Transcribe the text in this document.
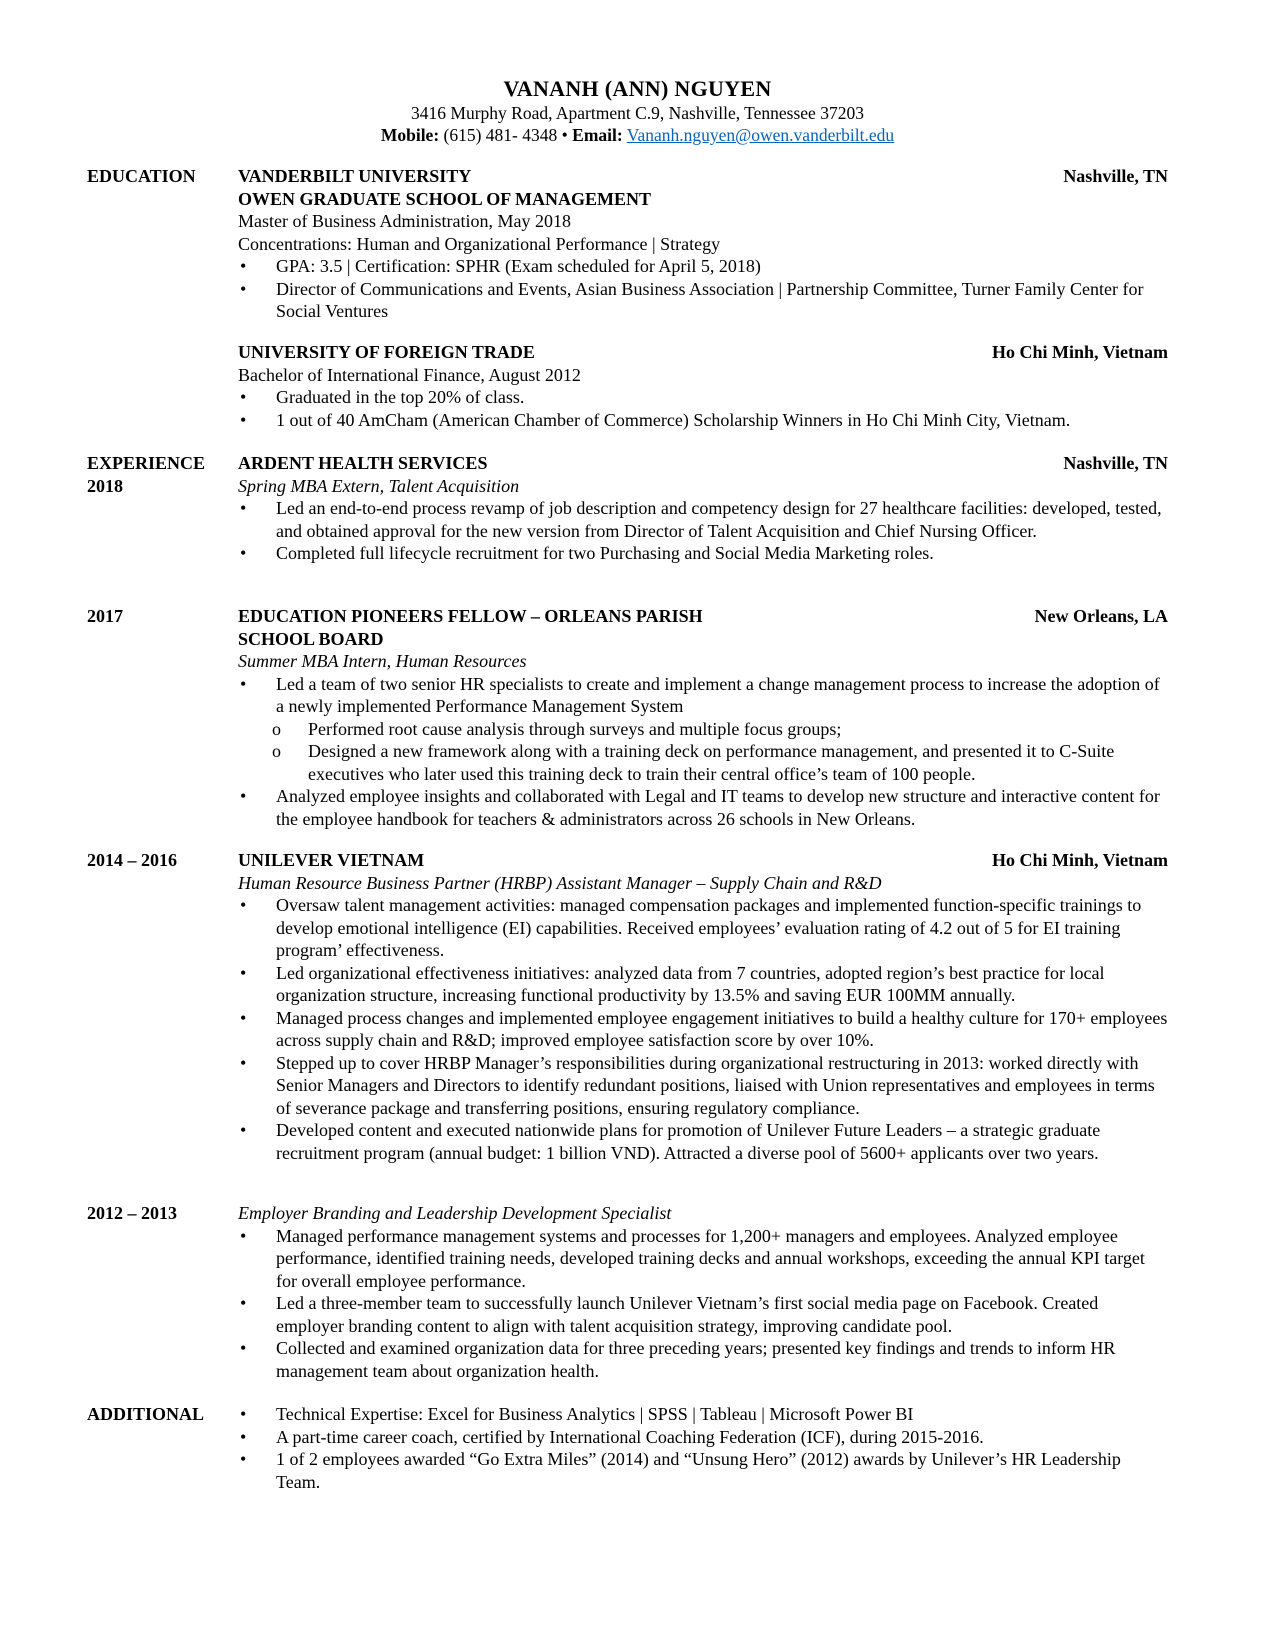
VANANH (ANN) NGUYEN
3416 Murphy Road, Apartment C.9, Nashville, Tennessee 37203
Mobile: (615) 481- 4348 • Email: Vananh.nguyen@owen.vanderbilt.edu
EDUCATION VANDERBILT UNIVERSITY	Nashville, TN
OWEN GRADUATE SCHOOL OF MANAGEMENT
Master of Business Administration, May 2018
Concentrations: Human and Organizational Performance | Strategy
• GPA: 3.5 | Certification: SPHR (Exam scheduled for April 5, 2018)
• Director of Communications and Events, Asian Business Association | Partnership Committee, Turner Family Center for Social Ventures
UNIVERSITY OF FOREIGN TRADE	Ho Chi Minh, Vietnam
Bachelor of International Finance, August 2012
• Graduated in the top 20% of class.
• 1 out of 40 AmCham (American Chamber of Commerce) Scholarship Winners in Ho Chi Minh City, Vietnam.
EXPERIENCE
2018
ARDENT HEALTH SERVICES	Nashville, TN
Spring MBA Extern, Talent Acquisition
• Led an end-to-end process revamp of job description and competency design for 27 healthcare facilities: developed, tested, and obtained approval for the new version from Director of Talent Acquisition and Chief Nursing Officer.
• Completed full lifecycle recruitment for two Purchasing and Social Media Marketing roles.
2017	EDUCATION PIONEERS FELLOW – ORLEANS PARISH	New Orleans, LA
SCHOOL BOARD
Summer MBA Intern, Human Resources
• Led a team of two senior HR specialists to create and implement a change management process to increase the adoption of a newly implemented Performance Management System
o Performed root cause analysis through surveys and multiple focus groups;
o Designed a new framework along with a training deck on performance management, and presented it to C-Suite executives who later used this training deck to train their central office’s team of 100 people.
• Analyzed employee insights and collaborated with Legal and IT teams to develop new structure and interactive content for the employee handbook for teachers & administrators across 26 schools in New Orleans.
2014 – 2016	UNILEVER VIETNAM	Ho Chi Minh, Vietnam
Human Resource Business Partner (HRBP) Assistant Manager – Supply Chain and R&D
• Oversaw talent management activities: managed compensation packages and implemented function-specific trainings to develop emotional intelligence (EI) capabilities. Received employees’ evaluation rating of 4.2 out of 5 for EI training program’ effectiveness.
• Led organizational effectiveness initiatives: analyzed data from 7 countries, adopted region’s best practice for local organization structure, increasing functional productivity by 13.5% and saving EUR 100MM annually.
• Managed process changes and implemented employee engagement initiatives to build a healthy culture for 170+ employees across supply chain and R&D; improved employee satisfaction score by over 10%.
• Stepped up to cover HRBP Manager’s responsibilities during organizational restructuring in 2013: worked directly with Senior Managers and Directors to identify redundant positions, liaised with Union representatives and employees in terms of severance package and transferring positions, ensuring regulatory compliance.
• Developed content and executed nationwide plans for promotion of Unilever Future Leaders – a strategic graduate recruitment program (annual budget: 1 billion VND). Attracted a diverse pool of 5600+ applicants over two years.
2012 – 2013	Employer Branding and Leadership Development Specialist
• Managed performance management systems and processes for 1,200+ managers and employees. Analyzed employee performance, identified training needs, developed training decks and annual workshops, exceeding the annual KPI target for overall employee performance.
• Led a three-member team to successfully launch Unilever Vietnam’s first social media page on Facebook. Created employer branding content to align with talent acquisition strategy, improving candidate pool.
• Collected and examined organization data for three preceding years; presented key findings and trends to inform HR management team about organization health.
ADDITIONAL
•	Technical Expertise: Excel for Business Analytics | SPSS | Tableau | Microsoft Power BI
• A part-time career coach, certified by International Coaching Federation (ICF), during 2015-2016.
• 1 of 2 employees awarded “Go Extra Miles” (2014) and “Unsung Hero” (2012) awards by Unilever’s HR Leadership Team.
